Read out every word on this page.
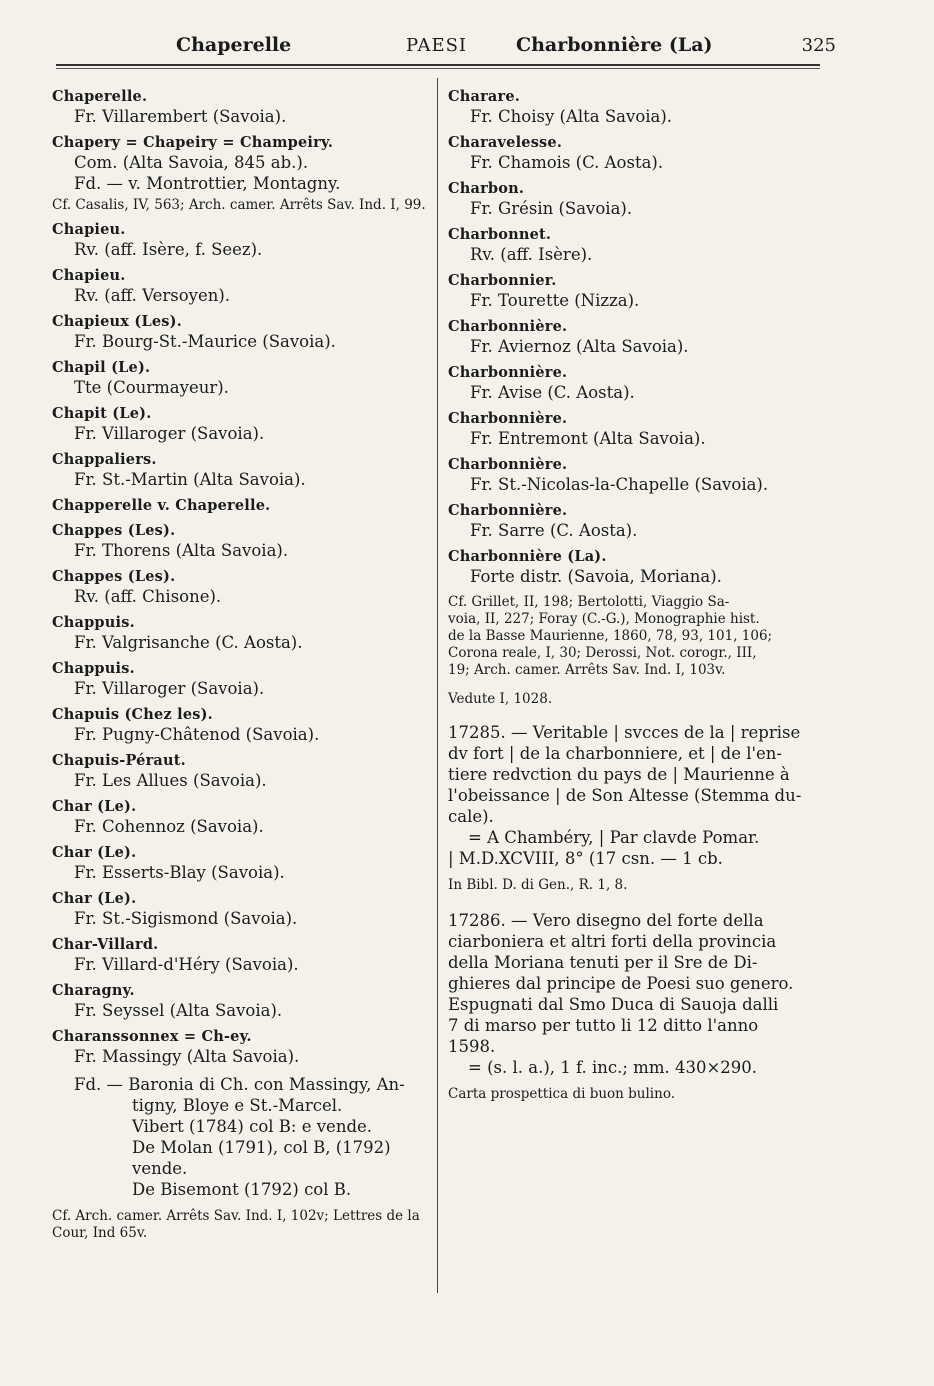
Chaperelle	PAESI	Charbonnière (La)	325
Chaperelle.
Fr. Villarembert (Savoia).
Chapery = Chapeiry = Champeiry.
Com. (Alta Savoia, 845 ab.).
Fd. — v. Montrottier, Montagny.
Cf. Casalis, IV, 563; Arch. camer. Arrêts Sav. Ind. I, 99.
Chapieu.
Rv. (aff. Isère, f. Seez).
Chapieu.
Rv. (aff. Versoyen).
Chapieux (Les).
Fr. Bourg-St.-Maurice (Savoia).
Chapil (Le).
Tte (Courmayeur).
Chapit (Le).
Fr. Villaroger (Savoia).
Chappaliers.
Fr. St.-Martin (Alta Savoia).
Chapperelle v. Chaperelle.
Chappes (Les).
Fr. Thorens (Alta Savoia).
Chappes (Les).
Rv. (aff. Chisone).
Chappuis.
Fr. Valgrisanche (C. Aosta).
Chappuis.
Fr. Villaroger (Savoia).
Chapuis (Chez les).
Fr. Pugny-Châtenod (Savoia).
Chapuis-Péraut.
Fr. Les Allues (Savoia).
Char (Le).
Fr. Cohennoz (Savoia).
Char (Le).
Fr. Esserts-Blay (Savoia).
Char (Le).
Fr. St.-Sigismond (Savoia).
Char-Villard.
Fr. Villard-d'Héry (Savoia).
Charagny.
Fr. Seyssel (Alta Savoia).
Charanssonnex = Ch-ey.
Fr. Massingy (Alta Savoia).
Fd. — Baronia di Ch. con Massingy, An-
tigny, Bloye e St.-Marcel.
Vibert (1784) col B: e vende.
De Molan (1791), col B, (1792)
vende.
De Bisemont (1792) col B.
Cf. Arch. camer. Arrêts Sav. Ind. I, 102v; Lettres de la Cour, Ind 65v.
Charare.
Fr. Choisy (Alta Savoia).
Charavelesse.
Fr. Chamois (C. Aosta).
Charbon.
Fr. Grésin (Savoia).
Charbonnet.
Rv. (aff. Isère).
Charbonnier.
Fr. Tourette (Nizza).
Charbonnière.
Fr. Aviernoz (Alta Savoia).
Charbonnière.
Fr. Avise (C. Aosta).
Charbonnière.
Fr. Entremont (Alta Savoia).
Charbonnière.
Fr. St.-Nicolas-la-Chapelle (Savoia).
Charbonnière.
Fr. Sarre (C. Aosta).
Charbonnière (La).
Forte distr. (Savoia, Moriana).
Cf. Grillet, II, 198; Bertolotti, Viaggio Sa-
voia, II, 227; Foray (C.-G.), Monographie hist.
de la Basse Maurienne, 1860, 78, 93, 101, 106;
Corona reale, I, 30; Derossi, Not. corogr., III,
19; Arch. camer. Arrêts Sav. Ind. I, 103v.
Vedute I, 1028.
17285. — Veritable | svcces de la | reprise
dv fort | de la charbonniere, et | de l'en-
tiere redvction du pays de | Maurienne à
l'obeissance | de Son Altesse (Stemma du-
cale).
= A Chambéry, | Par clavde Pomar.
| M.D.XCVIII, 8° (17 csn. — 1 cb.
In Bibl. D. di Gen., R. 1, 8.
17286. — Vero disegno del forte della
ciarboniera et altri forti della provincia
della Moriana tenuti per il Sre de Di-
ghieres dal principe de Poesi suo genero.
Espugnati dal Smo Duca di Sauoja dalli
7 di marso per tutto li 12 ditto l'anno
1598.
= (s. l. a.), 1 f. inc.; mm. 430×290.
Carta prospettica di buon bulino.
